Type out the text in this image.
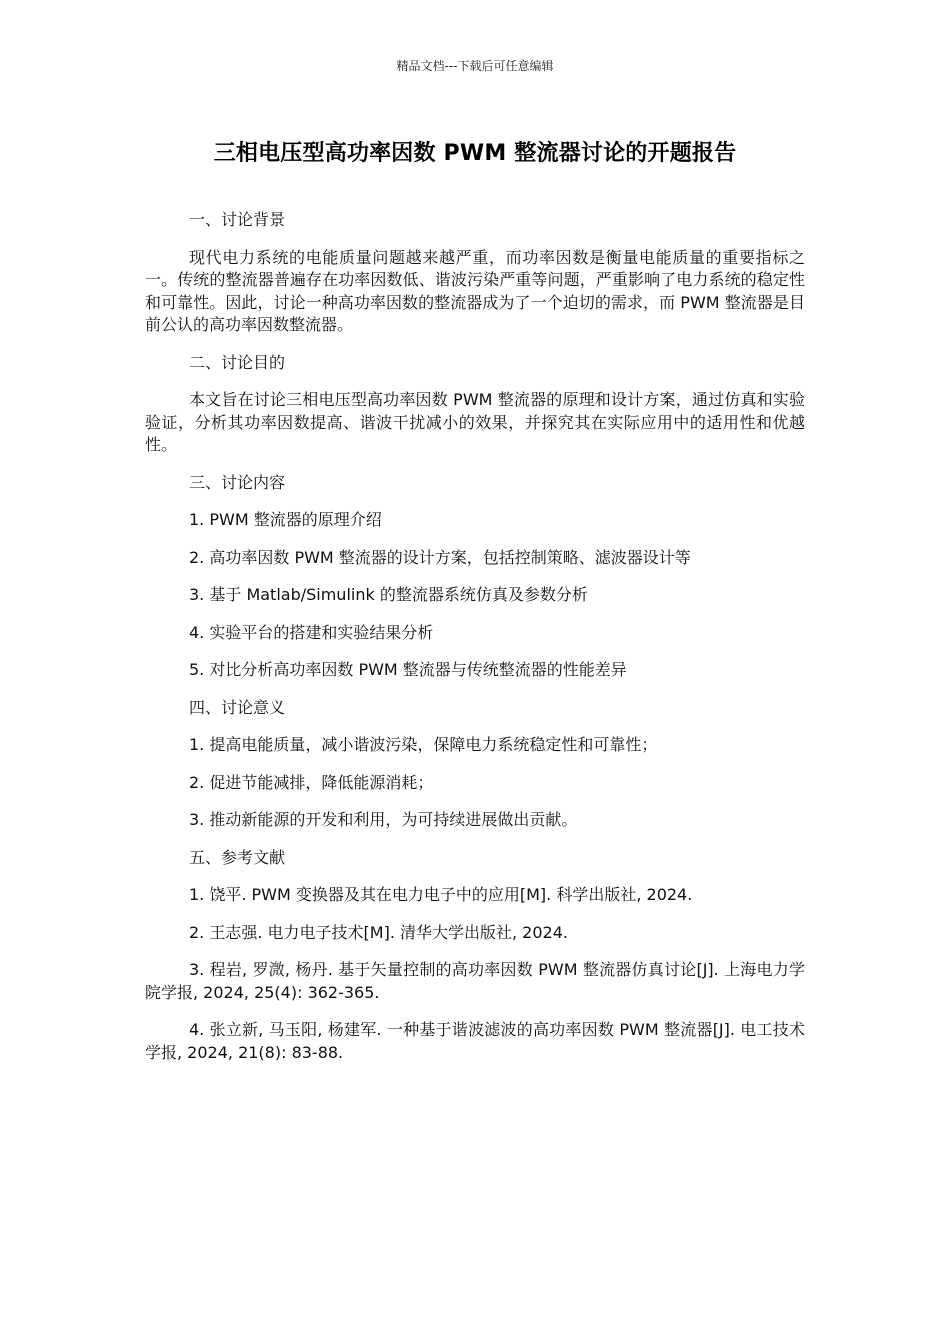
精品文档---下载后可任意编辑
三相电压型高功率因数 PWM 整流器讨论的开题报告

一、讨论背景

现代电力系统的电能质量问题越来越严重，而功率因数是衡量电能质量的重要指标之一。传统的整流器普遍存在功率因数低、谐波污染严重等问题，严重影响了电力系统的稳定性和可靠性。因此，讨论一种高功率因数的整流器成为了一个迫切的需求，而 PWM 整流器是目前公认的高功率因数整流器。

二、讨论目的

本文旨在讨论三相电压型高功率因数 PWM 整流器的原理和设计方案，通过仿真和实验验证，分析其功率因数提高、谐波干扰减小的效果，并探究其在实际应用中的适用性和优越性。

三、讨论内容

1. PWM 整流器的原理介绍

2. 高功率因数 PWM 整流器的设计方案，包括控制策略、滤波器设计等

3. 基于 Matlab/Simulink 的整流器系统仿真及参数分析

4. 实验平台的搭建和实验结果分析

5. 对比分析高功率因数 PWM 整流器与传统整流器的性能差异

四、讨论意义

1. 提高电能质量，减小谐波污染，保障电力系统稳定性和可靠性；

2. 促进节能减排，降低能源消耗；

3. 推动新能源的开发和利用，为可持续进展做出贡献。

五、参考文献

1. 饶平. PWM 变换器及其在电力电子中的应用[M]. 科学出版社, 2024.

2. 王志强. 电力电子技术[M]. 清华大学出版社, 2024.

3. 程岩, 罗溦, 杨丹. 基于矢量控制的高功率因数 PWM 整流器仿真讨论[J]. 上海电力学院学报, 2024, 25(4): 362-365.

4. 张立新, 马玉阳, 杨建军. 一种基于谐波滤波的高功率因数 PWM 整流器[J]. 电工技术学报, 2024, 21(8): 83-88.
